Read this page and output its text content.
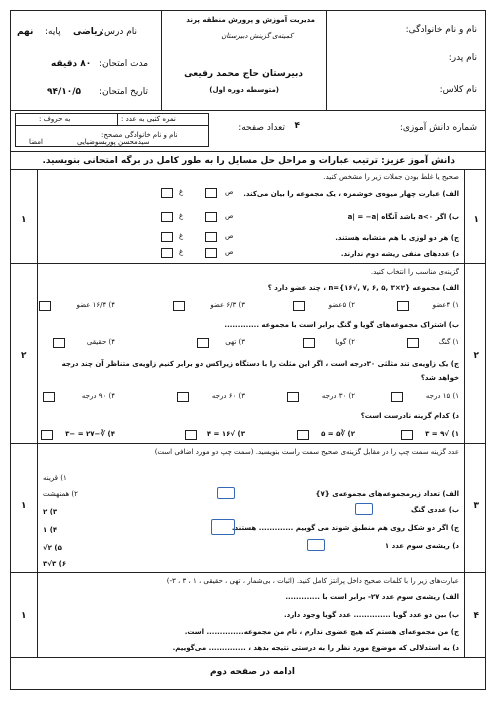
نام و نام خانوادگی:
نام پدر:
نام کلاس:
مدیریت آموزش و پرورش منطقه پرند
کمیته‌ی گزینش دبیرستان
دبیرستان حاج محمد رفیعی
(متوسطه دوره اول)
نام درس:
ریاضی
پایه:
نهم
مدت امتحان:
۸۰ دقیقه
تاریخ امتحان:
۹۴/۱۰/۵
شماره دانش آموزی:
تعداد صفحه: ۴
نمره کتبی به عدد :
به حروف :
نام و نام خانوادگی مصحح:
سیدمحسن پوربسوضیایی
امضا
دانش آموز عزیز: ترتیب عبارات و مراحل حل مسایل را به طور کامل در برگه امتحانی بنویسید.
۱
۱
صحیح یا غلط بودن جملات زیر را مشخص کنید.
الف) عبارت چهار میوه‌ی خوشمزه ، یک مجموعه را بیان می‌کند.
ب) اگر a<۰ باشد آنگاه |a| = −a
ج) هر دو لوزی با هم متشابه هستند.
د) عددهای منفی ریشه دوم ندارند.
ص
غ
ص
غ
ص
غ
ص
غ
۲
۲
گزینه‌ی مناسب را انتخاب کنید.
الف) مجموعه {۲×۳ ,۵ ,۶ ,۷ ,√۱۶}=n ، چند عضو دارد ؟
۱) ۴عضو
۲) ۵عضو
۳) ۶/۳ عضو
۴) ۱۶/۴ عضو
ب) اشتراک مجموعه‌های گویا و گنگ برابر است با مجموعه .............
۱) گنگ
۲) گویا
۳) تهی
۴) حقیقی
ج) یک زاویه‌ی تند مثلثی ۳۰درجه است ، اگر این مثلث را با دستگاه زیراکس دو برابر کنیم زاویه‌ی متناظر آن چند درجه خواهد شد؟
۱) ۱۵ درجه
۲) ۳۰ درجه
۳) ۶۰ درجه
۴) ۹۰ درجه
د) کدام گزینه نادرست است؟
۱) √۹ = ۳
۲) ∛۵ = ۵
۳) √۱۶ = ۴
۴) ∛−۲۷ = −۳
۳
۱
عدد گزینه سمت چپ را در مقابل گزینه‌ی صحیح سمت راست بنویسید. (سمت چپ دو مورد اضافی است)
الف) تعداد زیرمجموعه‌های مجموعه‌ی {۷}
ب) عددی گنگ
ج) اگر دو شکل روی هم منطبق شوند می گوییم ............. هستند.
د) ریشه‌ی سوم عدد ۱
۱) قرینه
۲) همنهشت
۳) ۲
۴) ۱
۵) ۲√
۶) ۳√۳
۴
۱
عبارت‌های زیر را با کلمات صحیح داخل پرانتز کامل کنید. (اثبات ، بی‌شمار ، تهی ، حقیقی ، ۱ ، ۳ ، ۳-)
الف) ریشه‌ی سوم عدد ۲۷- برابر است با .............
ب) بین دو عدد گویا .............. عدد گویا وجود دارد.
ج) من مجموعه‌ای هستم که هیچ عضوی ندارم ، نام من مجموعه.............. است.
د) به استدلالی که موضوع مورد نظر را به درستی نتیجه بدهد ، .............. می‌گوییم.
ادامه در صفحه دوم
